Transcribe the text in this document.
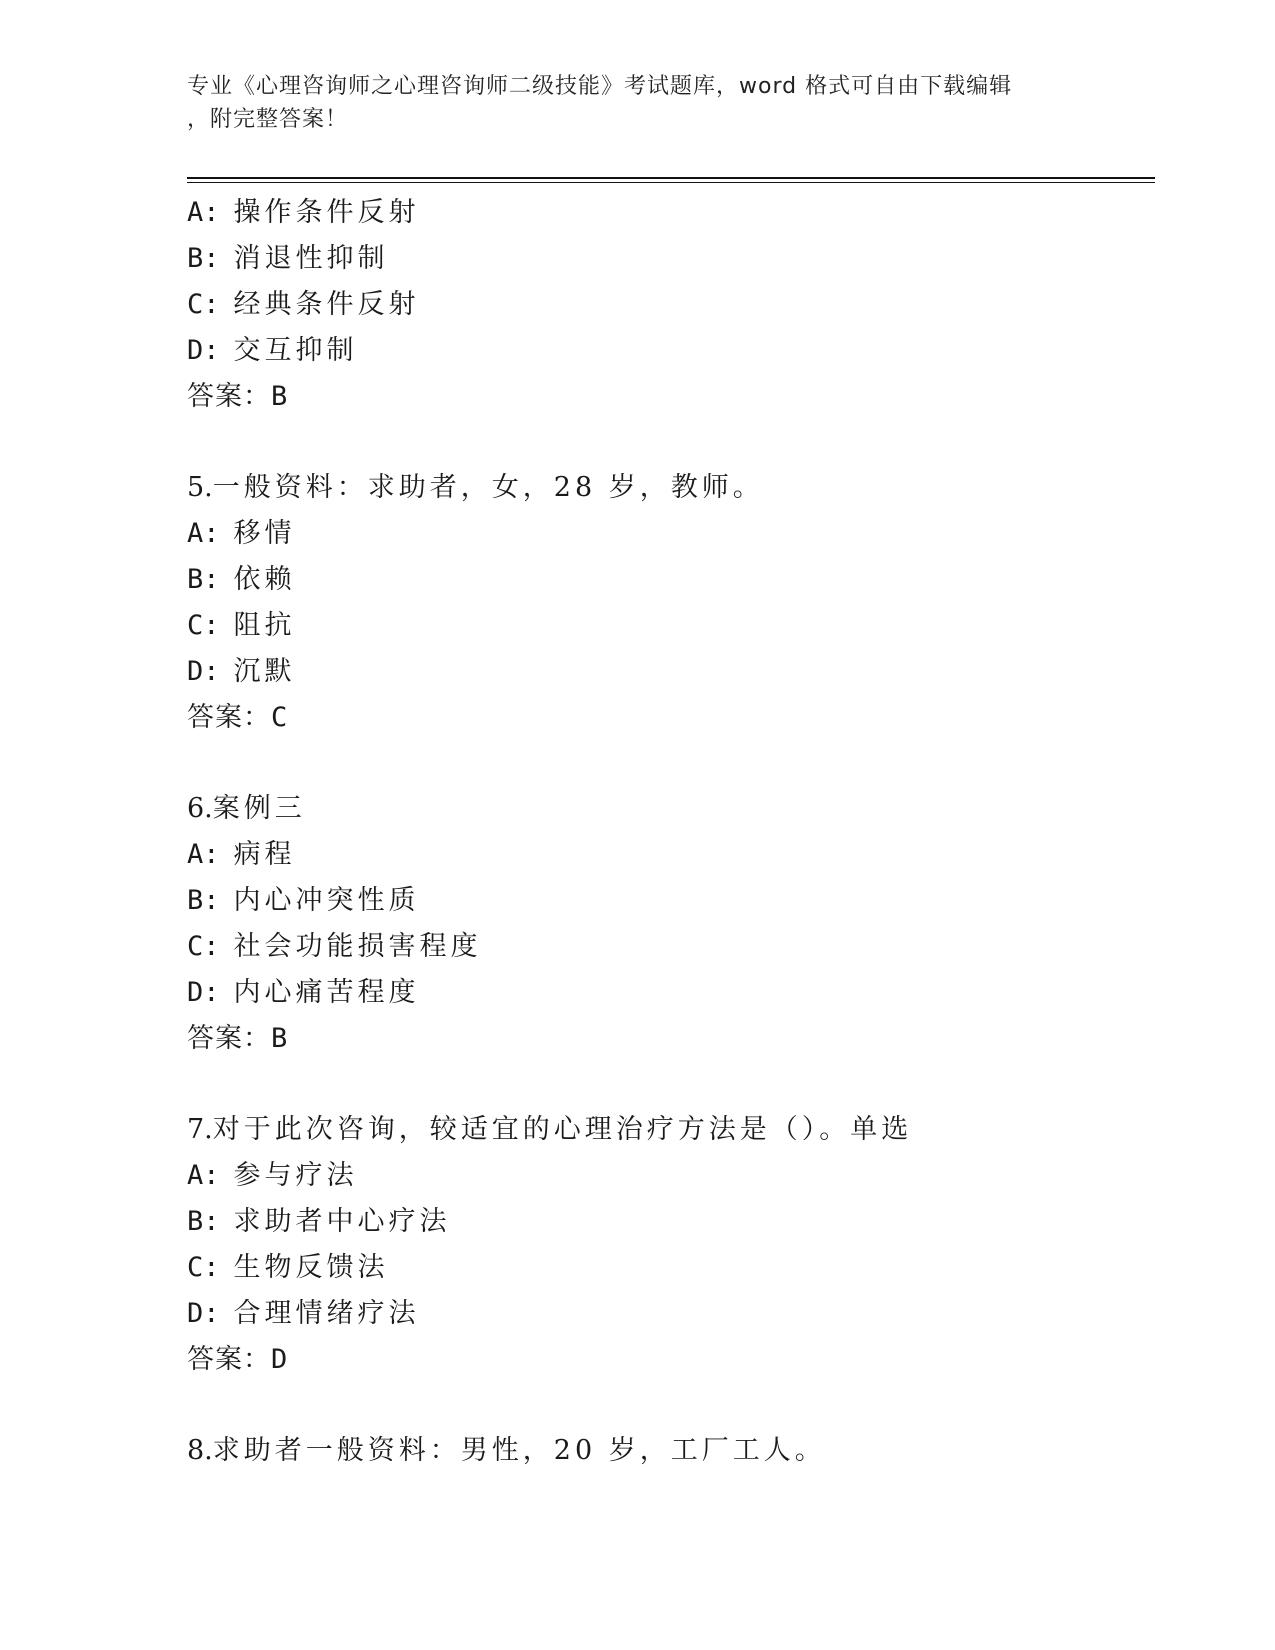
专业《心理咨询师之心理咨询师二级技能》考试题库，word 格式可自由下载编辑
，附完整答案！
A: 操作条件反射
B: 消退性抑制
C: 经典条件反射
D: 交互抑制
答案：B
5.一般资料：求助者，女，28 岁，教师。
A: 移情
B: 依赖
C: 阻抗
D: 沉默
答案：C
6.案例三
A: 病程
B: 内心冲突性质
C: 社会功能损害程度
D: 内心痛苦程度
答案：B
7.对于此次咨询，较适宜的心理治疗方法是（）。单选
A: 参与疗法
B: 求助者中心疗法
C: 生物反馈法
D: 合理情绪疗法
答案：D
8.求助者一般资料：男性，20 岁，工厂工人。
